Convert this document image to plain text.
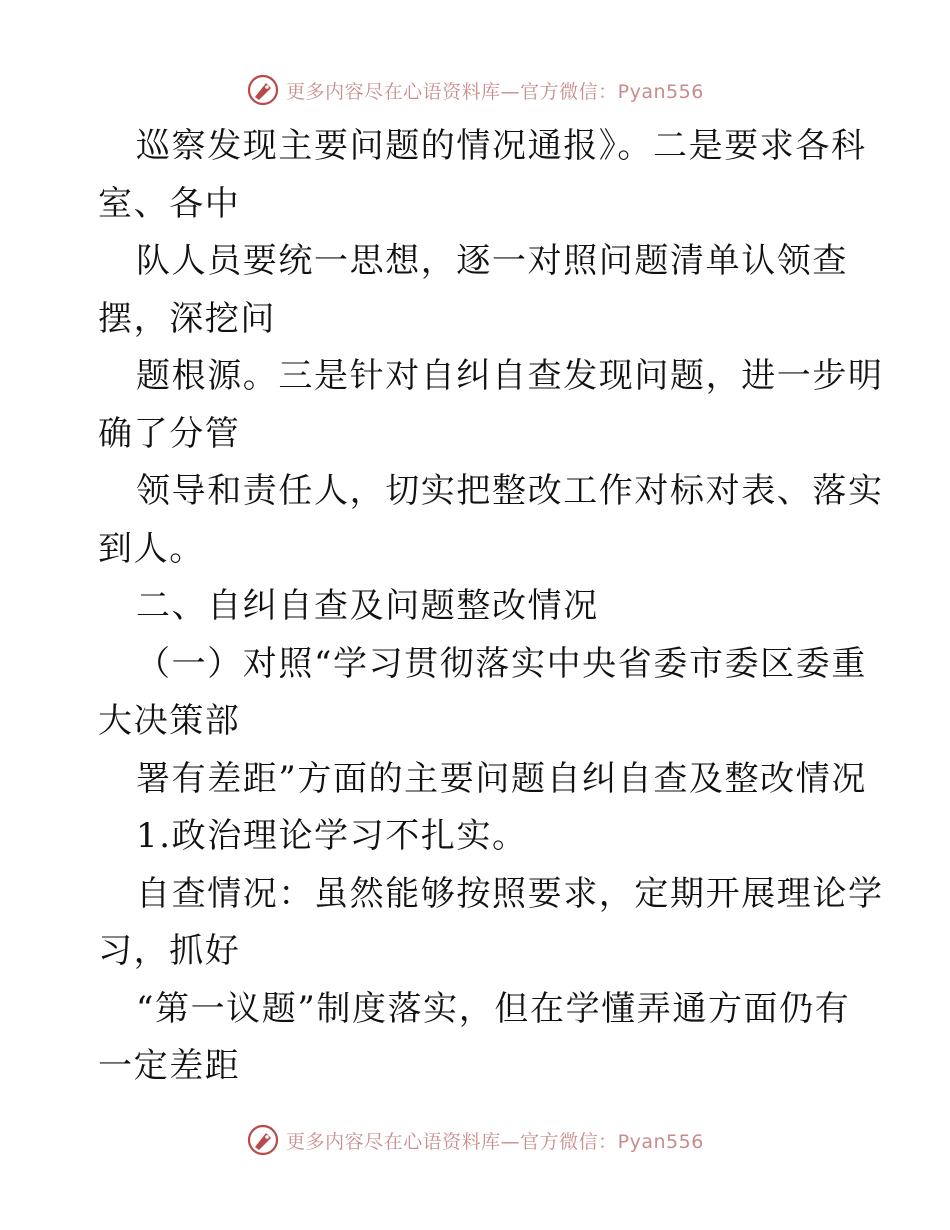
更多内容尽在心语资料库—官方微信：Pyan556
巡察发现主要问题的情况通报》。二是要求各科
室、各中
队人员要统一思想，逐一对照问题清单认领查
摆，深挖问
题根源。三是针对自纠自查发现问题，进一步明
确了分管
领导和责任人，切实把整改工作对标对表、落实
到人。
二、自纠自查及问题整改情况
（一）对照“学习贯彻落实中央省委市委区委重
大决策部
署有差距”方面的主要问题自纠自查及整改情况
1.政治理论学习不扎实。
自查情况：虽然能够按照要求，定期开展理论学
习，抓好
“第一议题”制度落实，但在学懂弄通方面仍有
一定差距
更多内容尽在心语资料库—官方微信：Pyan556
